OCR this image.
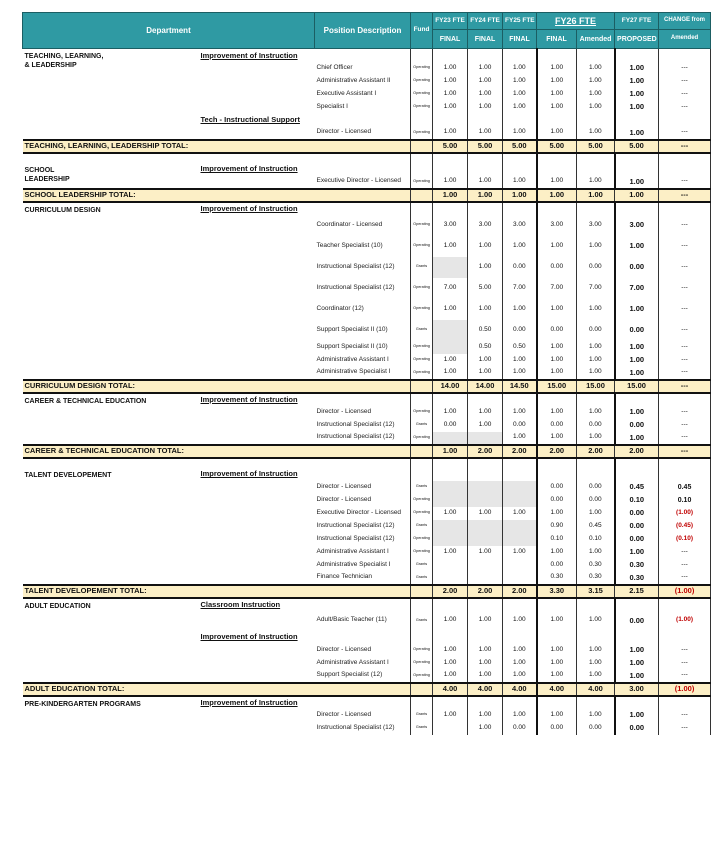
Department		Position Description	Fund	FY23 FTE	FY24 FTE	FY25 FTE	FY26 FTE		FY27 FTE	CHANGE from
				FINAL	FINAL	FINAL	FINAL	Amended	PROPOSED	Amended

TEACHING, LEARNING,
& LEADERSHIP	Improvement of Instruction									
		Chief Officer	Operating	1.00	1.00	1.00	1.00	1.00	1.00	---
		Administrative Assistant II	Operating	1.00	1.00	1.00	1.00	1.00	1.00	---
		Executive Assistant I	Operating	1.00	1.00	1.00	1.00	1.00	1.00	---
		Specialist I	Operating	1.00	1.00	1.00	1.00	1.00	1.00	---
	Tech - Instructional Support									
		Director - Licensed	Operating	1.00	1.00	1.00	1.00	1.00	1.00	---
TEACHING, LEARNING, LEADERSHIP TOTAL:				5.00	5.00	5.00	5.00	5.00	5.00	---

SCHOOL
LEADERSHIP	Improvement of Instruction									
		Executive Director - Licensed	Operating	1.00	1.00	1.00	1.00	1.00	1.00	---
SCHOOL LEADERSHIP TOTAL:				1.00	1.00	1.00	1.00	1.00	1.00	---

CURRICULUM DESIGN	Improvement of Instruction									
		Coordinator - Licensed	Operating	3.00	3.00	3.00	3.00	3.00	3.00	---
		Teacher Specialist (10)	Operating	1.00	1.00	1.00	1.00	1.00	1.00	---
		Instructional Specialist (12)	Grants		1.00	0.00	0.00	0.00	0.00	---
		Instructional Specialist (12)	Operating	7.00	5.00	7.00	7.00	7.00	7.00	---
		Coordinator (12)	Operating	1.00	1.00	1.00	1.00	1.00	1.00	---
		Support Specialist II (10)	Grants		0.50	0.00	0.00	0.00	0.00	---
		Support Specialist II (10)	Operating		0.50	0.50	1.00	1.00	1.00	---
		Administrative Assistant I	Operating	1.00	1.00	1.00	1.00	1.00	1.00	---
		Administrative Specialist I	Operating	1.00	1.00	1.00	1.00	1.00	1.00	---
CURRICULUM DESIGN TOTAL:				14.00	14.00	14.50	15.00	15.00	15.00	---

CAREER & TECHNICAL EDUCATION	Improvement of Instruction									
		Director - Licensed	Operating	1.00	1.00	1.00	1.00	1.00	1.00	---
		Instructional Specialist (12)	Grants	0.00	1.00	0.00	0.00	0.00	0.00	---
		Instructional Specialist (12)	Operating			1.00	1.00	1.00	1.00	---
CAREER & TECHNICAL EDUCATION TOTAL:				1.00	2.00	2.00	2.00	2.00	2.00	---

TALENT DEVELOPEMENT	Improvement of Instruction									
		Director - Licensed	Grants				0.00	0.00	0.45	0.45
		Director - Licensed	Operating				0.00	0.00	0.10	0.10
		Executive Director - Licensed	Operating	1.00	1.00	1.00	1.00	1.00	0.00	(1.00)
		Instructional Specialist (12)	Grants				0.90	0.45	0.00	(0.45)
		Instructional Specialist (12)	Operating				0.10	0.10	0.00	(0.10)
		Administrative Assistant I	Operating	1.00	1.00	1.00	1.00	1.00	1.00	---
		Administrative Specialist I	Grants				0.00	0.30	0.30	---
		Finance Technician	Grants				0.30	0.30	0.30	---
TALENT DEVELOPEMENT TOTAL:				2.00	2.00	2.00	3.30	3.15	2.15	(1.00)

ADULT EDUCATION	Classroom Instruction									
		Adult/Basic Teacher (11)	Grants	1.00	1.00	1.00	1.00	1.00	0.00	(1.00)
	Improvement of Instruction									
		Director - Licensed	Operating	1.00	1.00	1.00	1.00	1.00	1.00	---
		Administrative Assistant I	Operating	1.00	1.00	1.00	1.00	1.00	1.00	---
		Support Specialist (12)	Operating	1.00	1.00	1.00	1.00	1.00	1.00	---
ADULT EDUCATION TOTAL:				4.00	4.00	4.00	4.00	4.00	3.00	(1.00)

PRE-KINDERGARTEN PROGRAMS	Improvement of Instruction									
		Director - Licensed	Grants	1.00	1.00	1.00	1.00	1.00	1.00	---
		Instructional Specialist (12)	Grants		1.00	0.00	0.00	0.00	0.00	---
